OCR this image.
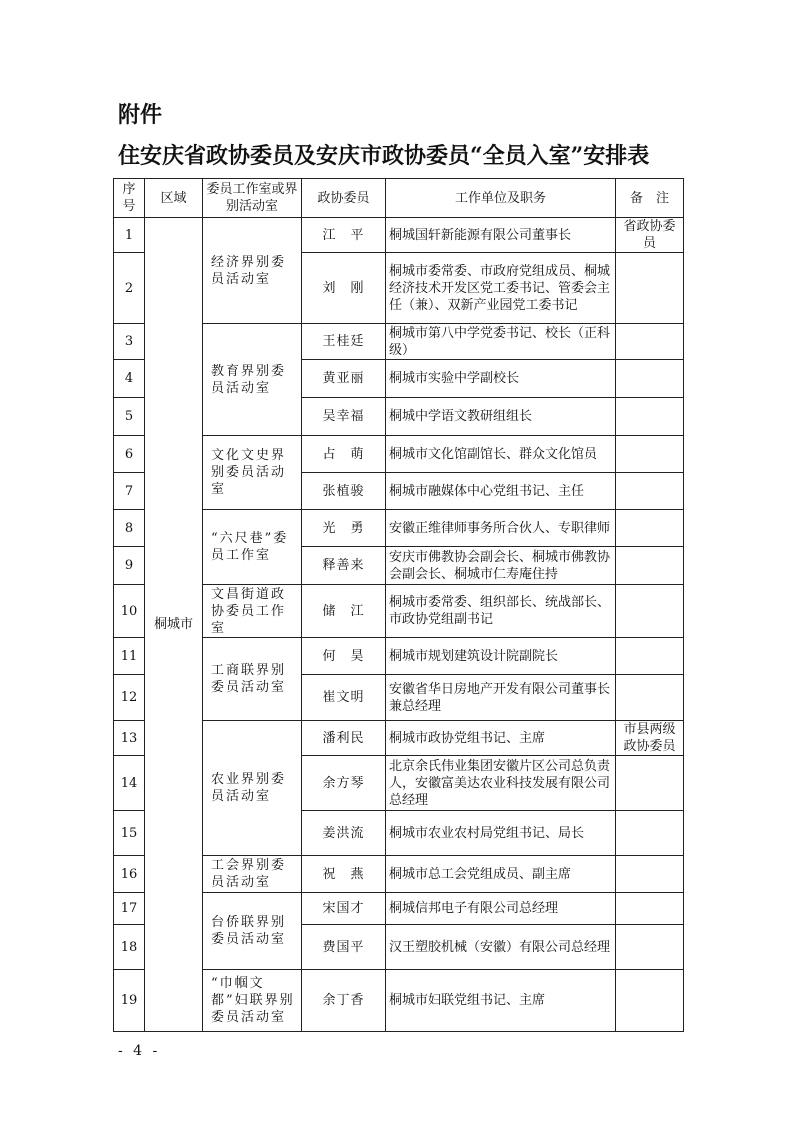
附件
住安庆省政协委员及安庆市政协委员“全员入室”安排表
序号	区域	委员工作室或界别活动室	政协委员	工作单位及职务	备　注
1	桐城市	经济界别委员活动室	江　平	桐城国轩新能源有限公司董事长	省政协委员
2			刘　刚	桐城市委常委、市政府党组成员、桐城经济技术开发区党工委书记、管委会主任（兼）、双新产业园党工委书记	
3		教育界别委员活动室	王桂廷	桐城市第八中学党委书记、校长（正科级）	
4			黄亚丽	桐城市实验中学副校长	
5			吴幸福	桐城中学语文教研组组长	
6		文化文史界别委员活动室	占　萌	桐城市文化馆副馆长、群众文化馆员	
7			张植骏	桐城市融媒体中心党组书记、主任	
8		“六尺巷”委员工作室	光　勇	安徽正维律师事务所合伙人、专职律师	
9			释善来	安庆市佛教协会副会长、桐城市佛教协会副会长、桐城市仁寿庵住持	
10		文昌街道政协委员工作室	储　江	桐城市委常委、组织部长、统战部长、市政协党组副书记	
11		工商联界别委员活动室	何　昊	桐城市规划建筑设计院副院长	
12			崔文明	安徽省华日房地产开发有限公司董事长兼总经理	
13		农业界别委员活动室	潘利民	桐城市政协党组书记、主席	市县两级政协委员
14			余方琴	北京余氏伟业集团安徽片区公司总负责人，安徽富美达农业科技发展有限公司总经理	
15			姜洪流	桐城市农业农村局党组书记、局长	
16		工会界别委员活动室	祝　燕	桐城市总工会党组成员、副主席	
17		台侨联界别委员活动室	宋国才	桐城信邦电子有限公司总经理	
18			费国平	汉王塑胶机械（安徽）有限公司总经理	
19		“巾帼文都”妇联界别委员活动室	余丁香	桐城市妇联党组书记、主席	
- 4 -
